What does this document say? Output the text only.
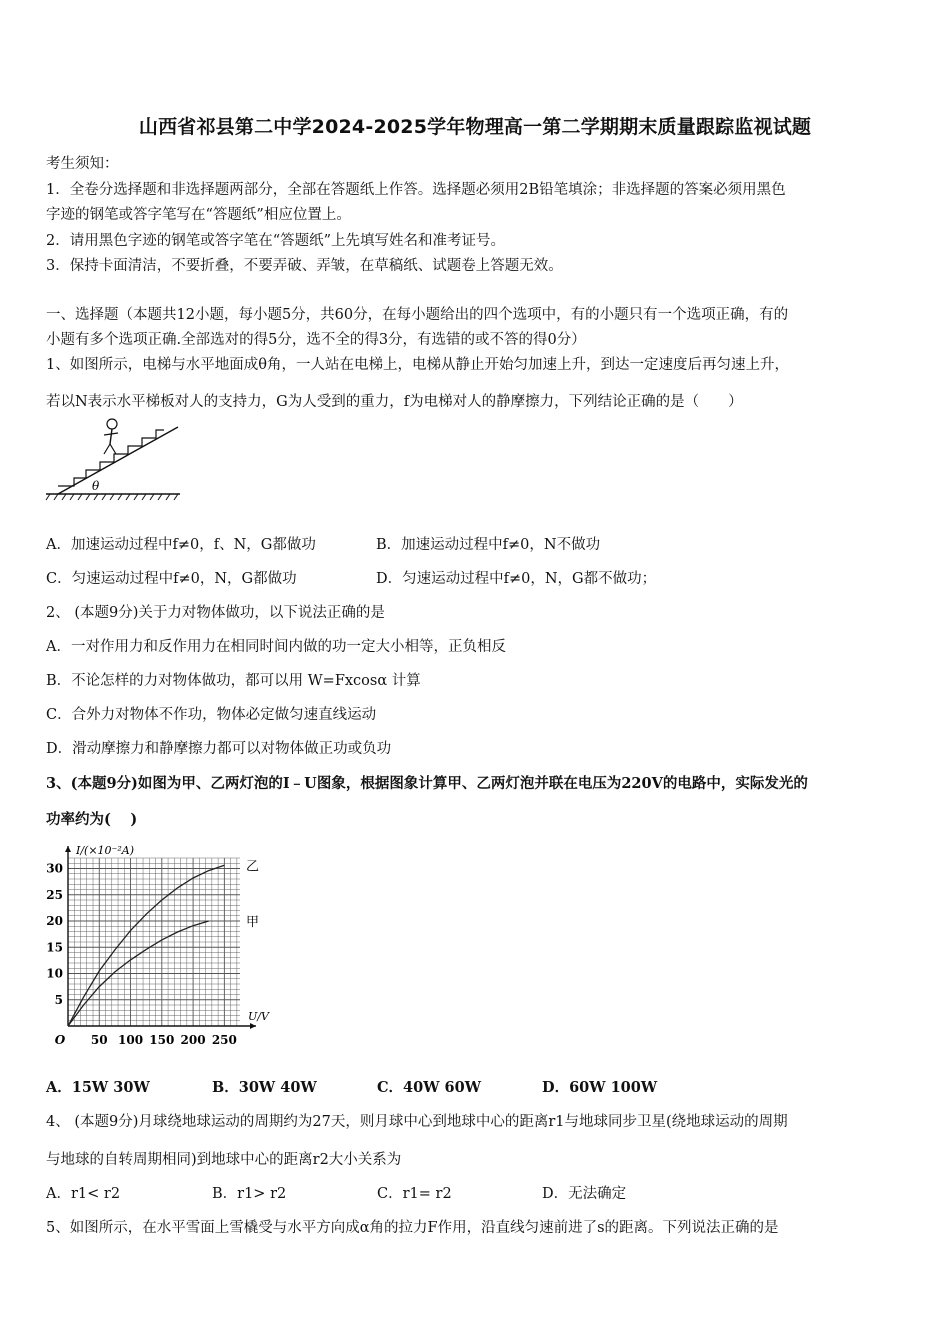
山西省祁县第二中学2024-2025学年物理高一第二学期期末质量跟踪监视试题
考生须知：
1．全卷分选择题和非选择题两部分，全部在答题纸上作答。选择题必须用2B铅笔填涂；非选择题的答案必须用黑色
字迹的钢笔或答字笔写在“答题纸”相应位置上。
2．请用黑色字迹的钢笔或答字笔在“答题纸”上先填写姓名和准考证号。
3．保持卡面清洁，不要折叠，不要弄破、弄皱，在草稿纸、试题卷上答题无效。
一、选择题（本题共12小题，每小题5分，共60分，在每小题给出的四个选项中，有的小题只有一个选项正确，有的
小题有多个选项正确.全部选对的得5分，选不全的得3分，有选错的或不答的得0分）
1、如图所示，电梯与水平地面成θ角，一人站在电梯上，电梯从静止开始匀加速上升，到达一定速度后再匀速上升，
若以N表示水平梯板对人的支持力，G为人受到的重力，f为电梯对人的静摩擦力，下列结论正确的是（　　）
θ
A．加速运动过程中f≠0，f、N，G都做功	B．加速运动过程中f≠0，N不做功
C．匀速运动过程中f≠0，N，G都做功	D．匀速运动过程中f≠0，N，G都不做功；
2、 (本题9分)关于力对物体做功，以下说法正确的是
A．一对作用力和反作用力在相同时间内做的功一定大小相等，正负相反
B．不论怎样的力对物体做功，都可以用 W=Fxcosα 计算
C．合外力对物体不作功，物体必定做匀速直线运动
D．滑动摩擦力和静摩擦力都可以对物体做正功或负功
3、(本题9分)如图为甲、乙两灯泡的I﹣U图象，根据图象计算甲、乙两灯泡并联在电压为220V的电路中，实际发光的
功率约为(　 )
50 100 150 200 250
5
10
15
20
25
30
O
I/(×10⁻²A)
U/V
乙
甲
A．15W 30W	B．30W 40W	C．40W 60W	D．60W 100W
4、 (本题9分)月球绕地球运动的周期约为27天，则月球中心到地球中心的距离r1与地球同步卫星(绕地球运动的周期
与地球的自转周期相同)到地球中心的距离r2大小关系为
A．r1< r2	B．r1> r2	C．r1= r2	D．无法确定
5、如图所示，在水平雪面上雪橇受与水平方向成α角的拉力F作用，沿直线匀速前进了s的距离。下列说法正确的是
